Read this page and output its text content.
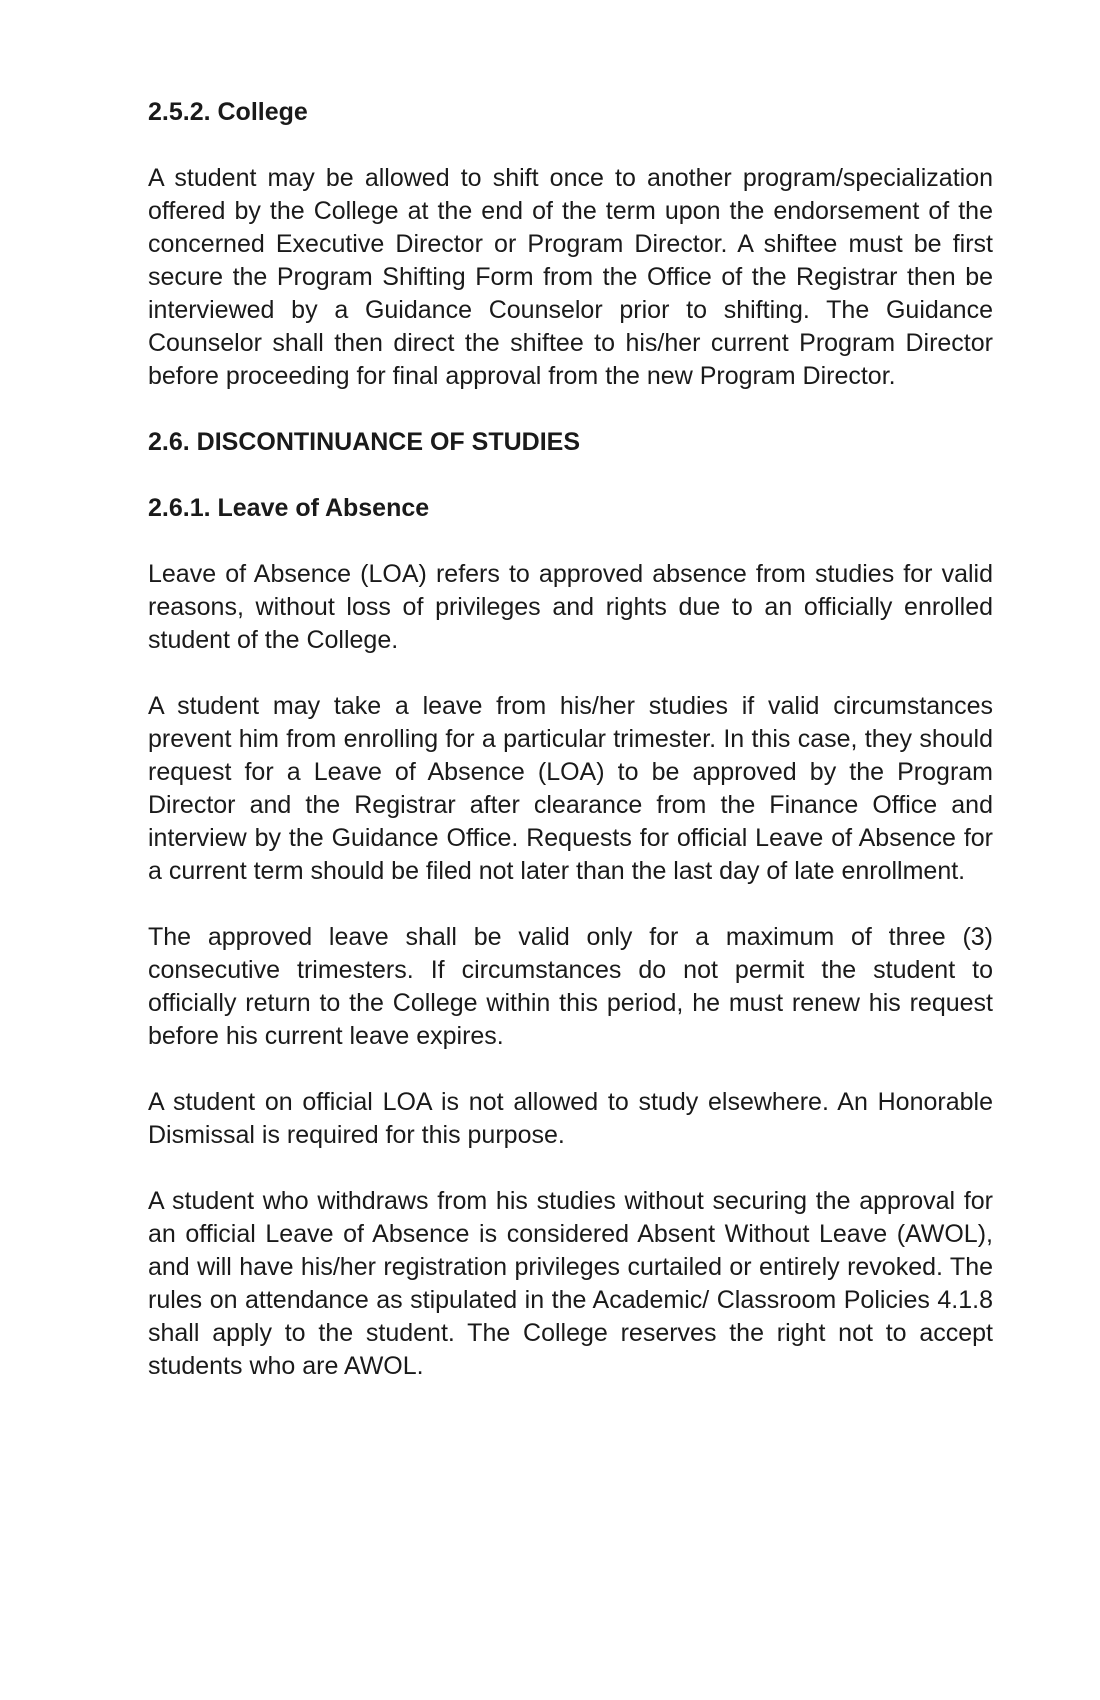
2.5.2. College

A student may be allowed to shift once to another program/specialization offered by the College at the end of the term upon the endorsement of the concerned Executive Director or Program Director. A shiftee must be first secure the Program Shifting Form from the Office of the Registrar then be interviewed by a Guidance Counselor prior to shifting. The Guidance Counselor shall then direct the shiftee to his/her current Program Director before proceeding for final approval from the new Program Director.

2.6. DISCONTINUANCE OF STUDIES
2.6.1. Leave of Absence

Leave of Absence (LOA) refers to approved absence from studies for valid reasons, without loss of privileges and rights due to an officially enrolled student of the College.

A student may take a leave from his/her studies if valid circumstances prevent him from enrolling for a particular trimester. In this case, they should request for a Leave of Absence (LOA) to be approved by the Program Director and the Registrar after clearance from the Finance Office and interview by the Guidance Office. Requests for official Leave of Absence for a current term should be filed not later than the last day of late enrollment.

The approved leave shall be valid only for a maximum of three (3) consecutive trimesters. If circumstances do not permit the student to officially return to the College within this period, he must renew his request before his current leave expires.

A student on official LOA is not allowed to study elsewhere. An Honorable Dismissal is required for this purpose.

A student who withdraws from his studies without securing the approval for an official Leave of Absence is considered Absent Without Leave (AWOL), and will have his/her registration privileges curtailed or entirely revoked. The rules on attendance as stipulated in the Academic/ Classroom Policies 4.1.8 shall apply to the student. The College reserves the right not to accept students who are AWOL.
